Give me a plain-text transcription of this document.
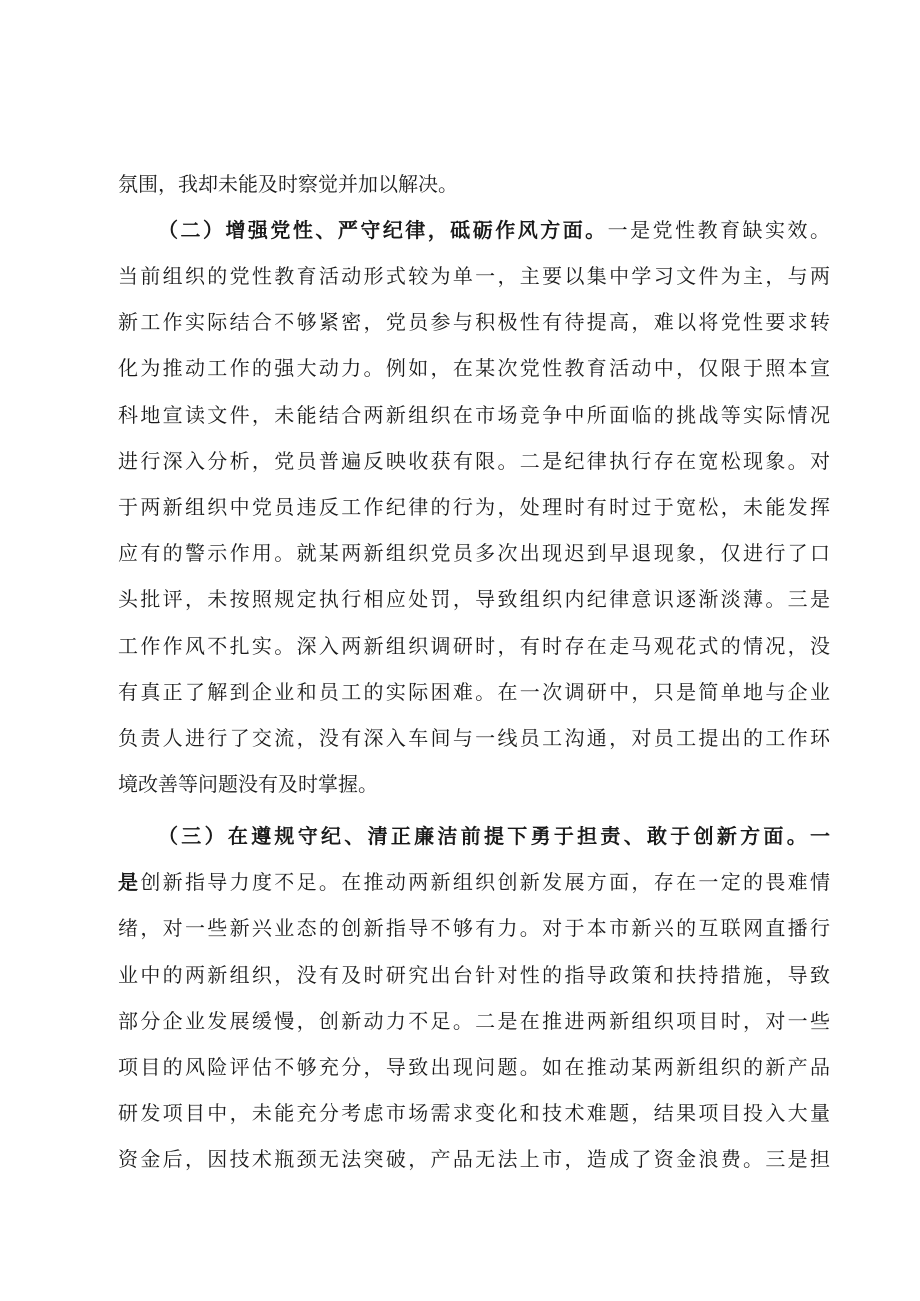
氛围，我却未能及时察觉并加以解决。
（二）增强党性、严守纪律，砥砺作风方面。一是党性教育缺实效。
当前组织的党性教育活动形式较为单一，主要以集中学习文件为主，与两
新工作实际结合不够紧密，党员参与积极性有待提高，难以将党性要求转
化为推动工作的强大动力。例如，在某次党性教育活动中，仅限于照本宣
科地宣读文件，未能结合两新组织在市场竞争中所面临的挑战等实际情况
进行深入分析，党员普遍反映收获有限。二是纪律执行存在宽松现象。对
于两新组织中党员违反工作纪律的行为，处理时有时过于宽松，未能发挥
应有的警示作用。就某两新组织党员多次出现迟到早退现象，仅进行了口
头批评，未按照规定执行相应处罚，导致组织内纪律意识逐渐淡薄。三是
工作作风不扎实。深入两新组织调研时，有时存在走马观花式的情况，没
有真正了解到企业和员工的实际困难。在一次调研中，只是简单地与企业
负责人进行了交流，没有深入车间与一线员工沟通，对员工提出的工作环
境改善等问题没有及时掌握。
（三）在遵规守纪、清正廉洁前提下勇于担责、敢于创新方面。一
是创新指导力度不足。在推动两新组织创新发展方面，存在一定的畏难情
绪，对一些新兴业态的创新指导不够有力。对于本市新兴的互联网直播行
业中的两新组织，没有及时研究出台针对性的指导政策和扶持措施，导致
部分企业发展缓慢，创新动力不足。二是在推进两新组织项目时，对一些
项目的风险评估不够充分，导致出现问题。如在推动某两新组织的新产品
研发项目中，未能充分考虑市场需求变化和技术难题，结果项目投入大量
资金后，因技术瓶颈无法突破，产品无法上市，造成了资金浪费。三是担
